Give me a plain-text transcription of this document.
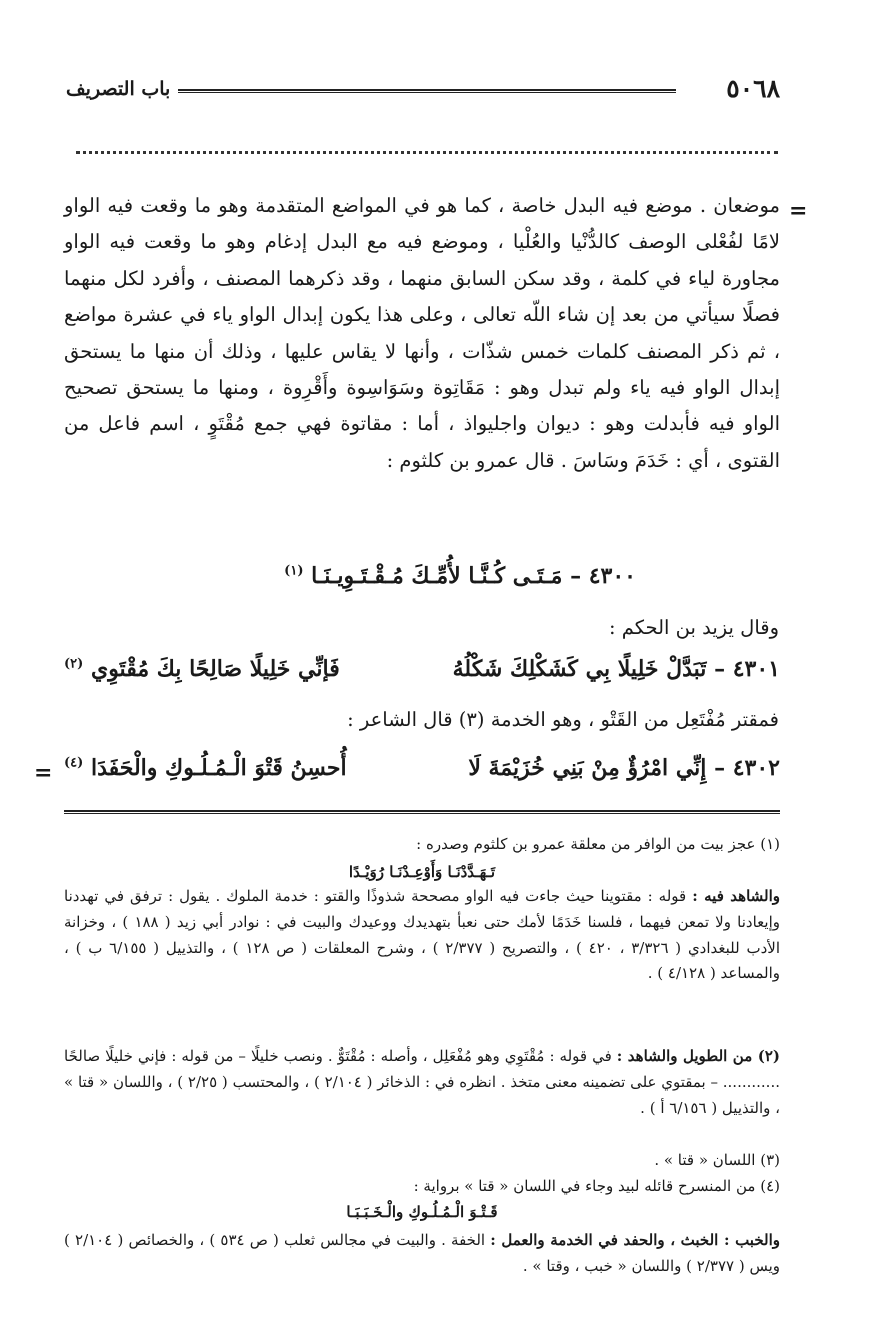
٥٠٦٨
باب التصريف
=

موضعان . موضع فيه البدل خاصة ، كما هو في المواضع المتقدمة وهو ما وقعت فيه الواو لامًا لفُعْلى الوصف كالدُّنْيا والعُلْيا ، وموضع فيه مع البدل إدغام وهو ما وقعت فيه الواو مجاورة لياء في كلمة ، وقد سكن السابق منهما ، وقد ذكرهما المصنف ، وأفرد لكل منهما فصلًا سيأتي من بعد إن شاء اللّه تعالى ، وعلى هذا يكون إبدال الواو ياء في عشرة مواضع ، ثم ذكر المصنف كلمات خمس شذّات ، وأنها لا يقاس عليها ، وذلك أن منها ما يستحق إبدال الواو فيه ياء ولم تبدل وهو : مَقَاتِوة وسَوَاسِوة وأَقْرِوة ، ومنها ما يستحق تصحيح الواو فيه فأبدلت وهو : ديوان واجليواذ ، أما : مقاتوة فهي جمع مُقْتَوٍ ، اسم فاعل من القتوى ، أي : خَدَمَ وسَاسَ . قال عمرو بن كلثوم :

٤٣٠٠ – مَـتَـى كُـنَّـا لأُمِّـكَ مُـقْـتَـوِيـنَـا $^{(١)}$
وقال يزيد بن الحكم :
٤٣٠١ – تَبَدَّلْ خَلِيلًا بِي كَشَكْلِكَ شَكْلُهُ
فَإنِّي خَلِيلًا صَالِحًا بِكَ مُقْتَوِي $^{(٢)}$
فمقتر مُفْتَعِل من القَتْو ، وهو الخدمة (٣) قال الشاعر :
٤٣٠٢ – إِنِّي امْرُؤٌ مِنْ بَنِي خُزَيْمَةَ لَا
أُحسِنُ قَتْوَ الْـمُـلُـوكِ والْحَفَدَا $^{(٤)}$
=
(١) عجز بيت من الوافر من معلقة عمرو بن كلثوم وصدره :
تَـهَـدَّدْنَـا وَأَوْعِـدْنَـا رُوَيْـدًا
والشاهد فيه : قوله : مقتوينا حيث جاءت فيه الواو مصححة شذوذًا والقتو : خدمة الملوك . يقول : ترفق في تهددنا وإيعادنا ولا تمعن فيهما ، فلسنا خَدَمًا لأمك حتى نعبأ بتهديدك ووعيدك والبيت في : نوادر أبي زيد ( ١٨٨ ) ، وخزانة الأدب للبغدادي ( ٣/٣٢٦ ، ٤٢٠ ) ، والتصريح ( ٢/٣٧٧ ) ، وشرح المعلقات ( ص ١٢٨ ) ، والتذييل ( ٦/١٥٥ ب ) ، والمساعد ( ٤/١٢٨ ) .
(٢) من الطويل والشاهد : في قوله : مُقْتَوِي وهو مُفْعَلِل ، وأصله : مُقْتَوٌّ . ونصب خليلًا – من قوله : فإني خليلًا صالحًا ............ – بمقتوي على تضمينه معنى متخذ . انظره في : الذخائر ( ٢/١٠٤ ) ، والمحتسب ( ٢/٢٥ ) ، واللسان « قتا » ، والتذييل ( ٦/١٥٦ أ ) .
(٣) اللسان « قتا » .
(٤) من المنسرح قائله لبيد وجاء في اللسان « قتا » برواية :
قَـتْـوَ الْـمُـلُـوكِ والْـخَـبَـبَـا
والخبب : الخبث ، والحفد في الخدمة والعمل : الخفة . والبيت في مجالس ثعلب ( ص ٥٣٤ ) ، والخصائص ( ٢/١٠٤ ) ويس ( ٢/٣٧٧ ) واللسان « خبب ، وقتا » .
